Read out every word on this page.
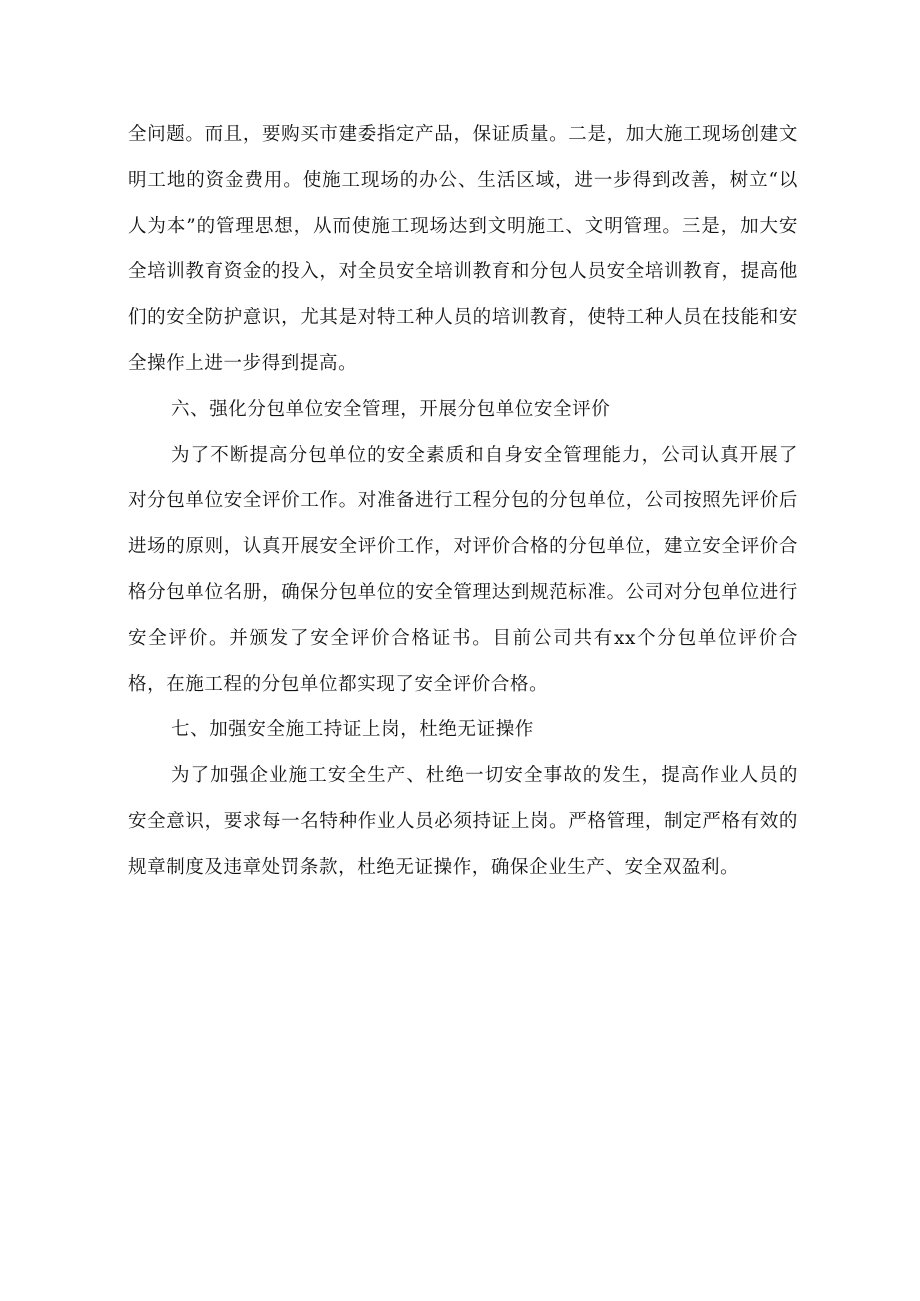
全问题。而且，要购买市建委指定产品，保证质量。二是，加大施工现场创建文明工地的资金费用。使施工现场的办公、生活区域，进一步得到改善，树立“以人为本”的管理思想，从而使施工现场达到文明施工、文明管理。三是，加大安全培训教育资金的投入，对全员安全培训教育和分包人员安全培训教育，提高他们的安全防护意识，尤其是对特工种人员的培训教育，使特工种人员在技能和安全操作上进一步得到提高。

六、强化分包单位安全管理，开展分包单位安全评价

为了不断提高分包单位的安全素质和自身安全管理能力，公司认真开展了对分包单位安全评价工作。对准备进行工程分包的分包单位，公司按照先评价后进场的原则，认真开展安全评价工作，对评价合格的分包单位，建立安全评价合格分包单位名册，确保分包单位的安全管理达到规范标准。公司对分包单位进行安全评价。并颁发了安全评价合格证书。目前公司共有xx个分包单位评价合格，在施工程的分包单位都实现了安全评价合格。

七、加强安全施工持证上岗，杜绝无证操作

为了加强企业施工安全生产、杜绝一切安全事故的发生，提高作业人员的安全意识，要求每一名特种作业人员必须持证上岗。严格管理，制定严格有效的规章制度及违章处罚条款，杜绝无证操作，确保企业生产、安全双盈利。
